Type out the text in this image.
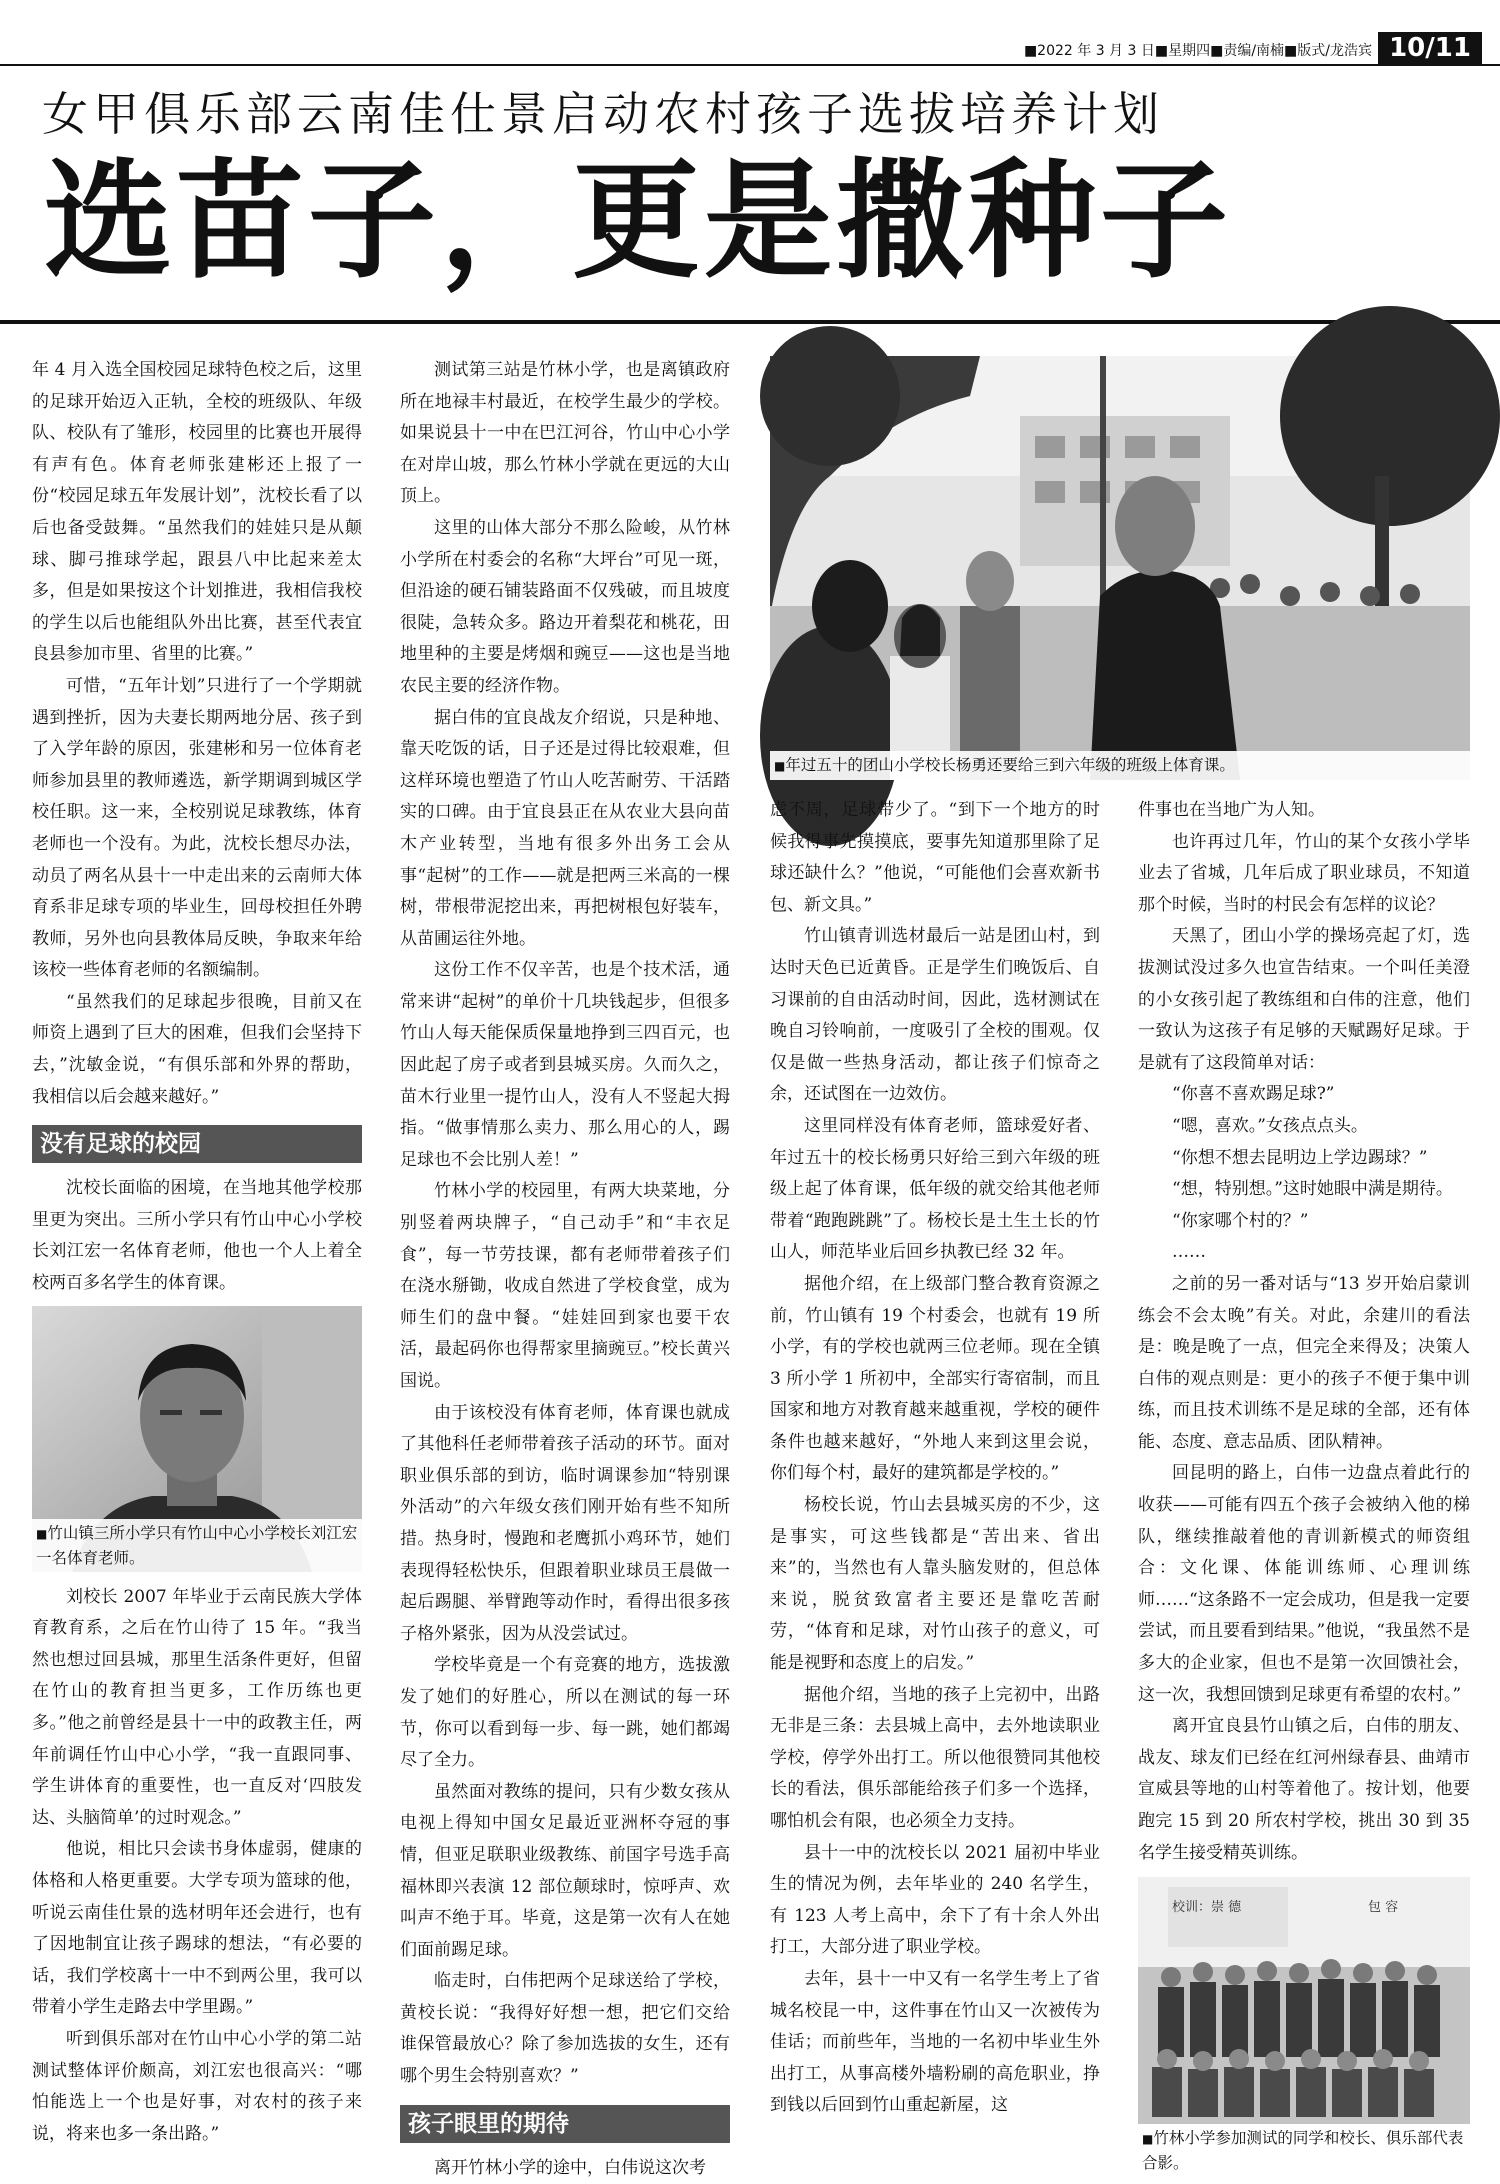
■2022 年 3 月 3 日■星期四■责编/南楠■版式/龙浩宾 10/11
女甲俱乐部云南佳仕景启动农村孩子选拔培养计划
选苗子，更是撒种子

年 4 月入选全国校园足球特色校之后，这里的足球开始迈入正轨，全校的班级队、年级队、校队有了雏形，校园里的比赛也开展得有声有色。体育老师张建彬还上报了一份“校园足球五年发展计划”，沈校长看了以后也备受鼓舞。“虽然我们的娃娃只是从颠球、脚弓推球学起，跟县八中比起来差太多，但是如果按这个计划推进，我相信我校的学生以后也能组队外出比赛，甚至代表宜良县参加市里、省里的比赛。”

可惜，“五年计划”只进行了一个学期就遇到挫折，因为夫妻长期两地分居、孩子到了入学年龄的原因，张建彬和另一位体育老师参加县里的教师遴选，新学期调到城区学校任职。这一来，全校别说足球教练，体育老师也一个没有。为此，沈校长想尽办法，动员了两名从县十一中走出来的云南师大体育系非足球专项的毕业生，回母校担任外聘教师，另外也向县教体局反映，争取来年给该校一些体育老师的名额编制。

“虽然我们的足球起步很晚，目前又在师资上遇到了巨大的困难，但我们会坚持下去，”沈敏金说，“有俱乐部和外界的帮助，我相信以后会越来越好。”

没有足球的校园

沈校长面临的困境，在当地其他学校那里更为突出。三所小学只有竹山中心小学校长刘江宏一名体育老师，他也一个人上着全校两百多名学生的体育课。

■竹山镇三所小学只有竹山中心小学校长刘江宏一名体育老师。

刘校长 2007 年毕业于云南民族大学体育教育系，之后在竹山待了 15 年。“我当然也想过回县城，那里生活条件更好，但留在竹山的教育担当更多，工作历练也更多。”他之前曾经是县十一中的政教主任，两年前调任竹山中心小学，“我一直跟同事、学生讲体育的重要性，也一直反对‘四肢发达、头脑简单’的过时观念。”

他说，相比只会读书身体虚弱，健康的体格和人格更重要。大学专项为篮球的他，听说云南佳仕景的选材明年还会进行，也有了因地制宜让孩子踢球的想法，“有必要的话，我们学校离十一中不到两公里，我可以带着小学生走路去中学里踢。”

听到俱乐部对在竹山中心小学的第二站测试整体评价颇高，刘江宏也很高兴：“哪怕能选上一个也是好事，对农村的孩子来说，将来也多一条出路。”

测试第三站是竹林小学，也是离镇政府所在地禄丰村最近，在校学生最少的学校。如果说县十一中在巴江河谷，竹山中心小学在对岸山坡，那么竹林小学就在更远的大山顶上。

这里的山体大部分不那么险峻，从竹林小学所在村委会的名称“大坪台”可见一斑，但沿途的硬石铺装路面不仅残破，而且坡度很陡，急转众多。路边开着梨花和桃花，田地里种的主要是烤烟和豌豆——这也是当地农民主要的经济作物。

据白伟的宜良战友介绍说，只是种地、靠天吃饭的话，日子还是过得比较艰难，但这样环境也塑造了竹山人吃苦耐劳、干活踏实的口碑。由于宜良县正在从农业大县向苗木产业转型，当地有很多外出务工会从事“起树”的工作——就是把两三米高的一棵树，带根带泥挖出来，再把树根包好装车，从苗圃运往外地。

这份工作不仅辛苦，也是个技术活，通常来讲“起树”的单价十几块钱起步，但很多竹山人每天能保质保量地挣到三四百元，也因此起了房子或者到县城买房。久而久之，苗木行业里一提竹山人，没有人不竖起大拇指。“做事情那么卖力、那么用心的人，踢足球也不会比别人差！”

竹林小学的校园里，有两大块菜地，分别竖着两块牌子，“自己动手”和“丰衣足食”，每一节劳技课，都有老师带着孩子们在浇水掰锄，收成自然进了学校食堂，成为师生们的盘中餐。“娃娃回到家也要干农活，最起码你也得帮家里摘豌豆。”校长黄兴国说。

由于该校没有体育老师，体育课也就成了其他科任老师带着孩子活动的环节。面对职业俱乐部的到访，临时调课参加“特别课外活动”的六年级女孩们刚开始有些不知所措。热身时，慢跑和老鹰抓小鸡环节，她们表现得轻松快乐，但跟着职业球员王晨做一起后踢腿、举臂跑等动作时，看得出很多孩子格外紧张，因为从没尝试过。

学校毕竟是一个有竞赛的地方，选拔激发了她们的好胜心，所以在测试的每一环节，你可以看到每一步、每一跳，她们都竭尽了全力。

虽然面对教练的提问，只有少数女孩从电视上得知中国女足最近亚洲杯夺冠的事情，但亚足联职业级教练、前国字号选手高福林即兴表演 12 部位颠球时，惊呼声、欢叫声不绝于耳。毕竟，这是第一次有人在她们面前踢足球。

临走时，白伟把两个足球送给了学校，黄校长说：“我得好好想一想，把它们交给谁保管最放心？除了参加选拔的女生，还有哪个男生会特别喜欢？”

孩子眼里的期待

离开竹林小学的途中，白伟说这次考

■年过五十的团山小学校长杨勇还要给三到六年级的班级上体育课。

虑不周，足球带少了。“到下一个地方的时候我得事先摸摸底，要事先知道那里除了足球还缺什么？”他说，“可能他们会喜欢新书包、新文具。”

竹山镇青训选材最后一站是团山村，到达时天色已近黄昏。正是学生们晚饭后、自习课前的自由活动时间，因此，选材测试在晚自习铃响前，一度吸引了全校的围观。仅仅是做一些热身活动，都让孩子们惊奇之余，还试图在一边效仿。

这里同样没有体育老师，篮球爱好者、年过五十的校长杨勇只好给三到六年级的班级上起了体育课，低年级的就交给其他老师带着“跑跑跳跳”了。杨校长是土生土长的竹山人，师范毕业后回乡执教已经 32 年。

据他介绍，在上级部门整合教育资源之前，竹山镇有 19 个村委会，也就有 19 所小学，有的学校也就两三位老师。现在全镇 3 所小学 1 所初中，全部实行寄宿制，而且国家和地方对教育越来越重视，学校的硬件条件也越来越好，“外地人来到这里会说，你们每个村，最好的建筑都是学校的。”

杨校长说，竹山去县城买房的不少，这是事实，可这些钱都是“苦出来、省出来”的，当然也有人靠头脑发财的，但总体来说，脱贫致富者主要还是靠吃苦耐劳，“体育和足球，对竹山孩子的意义，可能是视野和态度上的启发。”

据他介绍，当地的孩子上完初中，出路无非是三条：去县城上高中，去外地读职业学校，停学外出打工。所以他很赞同其他校长的看法，俱乐部能给孩子们多一个选择，哪怕机会有限，也必须全力支持。

县十一中的沈校长以 2021 届初中毕业生的情况为例，去年毕业的 240 名学生，有 123 人考上高中，余下了有十余人外出打工，大部分进了职业学校。

去年，县十一中又有一名学生考上了省城名校昆一中，这件事在竹山又一次被传为佳话；而前些年，当地的一名初中毕业生外出打工，从事高楼外墙粉刷的高危职业，挣到钱以后回到竹山重起新屋，这

件事也在当地广为人知。

也许再过几年，竹山的某个女孩小学毕业去了省城，几年后成了职业球员，不知道那个时候，当时的村民会有怎样的议论？

天黑了，团山小学的操场亮起了灯，选拔测试没过多久也宣告结束。一个叫任美澄的小女孩引起了教练组和白伟的注意，他们一致认为这孩子有足够的天赋踢好足球。于是就有了这段简单对话：

“你喜不喜欢踢足球?”

“嗯，喜欢。”女孩点点头。

“你想不想去昆明边上学边踢球？”

“想，特别想。”这时她眼中满是期待。

“你家哪个村的？”

……

之前的另一番对话与“13 岁开始启蒙训练会不会太晚”有关。对此，余建川的看法是：晚是晚了一点，但完全来得及；决策人白伟的观点则是：更小的孩子不便于集中训练，而且技术训练不是足球的全部，还有体能、态度、意志品质、团队精神。

回昆明的路上，白伟一边盘点着此行的收获——可能有四五个孩子会被纳入他的梯队，继续推敲着他的青训新模式的师资组合：文化课、体能训练师、心理训练师……“这条路不一定会成功，但是我一定要尝试，而且要看到结果。”他说，“我虽然不是多大的企业家，但也不是第一次回馈社会，这一次，我想回馈到足球更有希望的农村。”

离开宜良县竹山镇之后，白伟的朋友、战友、球友们已经在红河州绿春县、曲靖市宣威县等地的山村等着他了。按计划，他要跑完 15 到 20 所农村学校，挑出 30 到 35 名学生接受精英训练。

校训：崇 德	包 容
■竹林小学参加测试的同学和校长、俱乐部代表合影。
